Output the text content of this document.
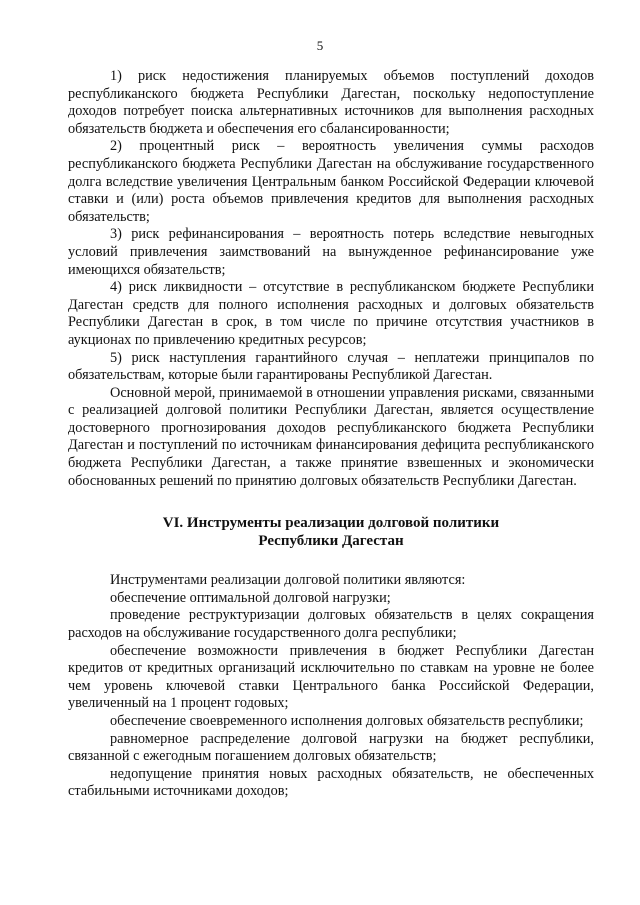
5

1) риск недостижения планируемых объемов поступлений доходов республиканского бюджета Республики Дагестан, поскольку недопоступление доходов потребует поиска альтернативных источников для выполнения расходных обязательств бюджета и обеспечения его сбалансированности;

2) процентный риск – вероятность увеличения суммы расходов республиканского бюджета Республики Дагестан на обслуживание государственного долга вследствие увеличения Центральным банком Российской Федерации ключевой ставки и (или) роста объемов привлечения кредитов для выполнения расходных обязательств;

3) риск рефинансирования – вероятность потерь вследствие невыгодных условий привлечения заимствований на вынужденное рефинансирование уже имеющихся обязательств;

4) риск ликвидности – отсутствие в республиканском бюджете Республики Дагестан средств для полного исполнения расходных и долговых обязательств Республики Дагестан в срок, в том числе по причине отсутствия участников в аукционах по привлечению кредитных ресурсов;

5) риск наступления гарантийного случая – неплатежи принципалов по обязательствам, которые были гарантированы Республикой Дагестан.

Основной мерой, принимаемой в отношении управления рисками, связанными с реализацией долговой политики Республики Дагестан, является осуществление достоверного прогнозирования доходов республиканского бюджета Республики Дагестан и поступлений по источникам финансирования дефицита республиканского бюджета Республики Дагестан, а также принятие взвешенных и экономически обоснованных решений по принятию долговых обязательств Республики Дагестан.

VI. Инструменты реализации долговой политики
Республики Дагестан

Инструментами реализации долговой политики являются:

обеспечение оптимальной долговой нагрузки;

проведение реструктуризации долговых обязательств в целях сокращения расходов на обслуживание государственного долга республики;

обеспечение возможности привлечения в бюджет Республики Дагестан кредитов от кредитных организаций исключительно по ставкам на уровне не более чем уровень ключевой ставки Центрального банка Российской Федерации, увеличенный на 1 процент годовых;

обеспечение своевременного исполнения долговых обязательств республики;

равномерное распределение долговой нагрузки на бюджет республики, связанной с ежегодным погашением долговых обязательств;

недопущение принятия новых расходных обязательств, не обеспеченных стабильными источниками доходов;
